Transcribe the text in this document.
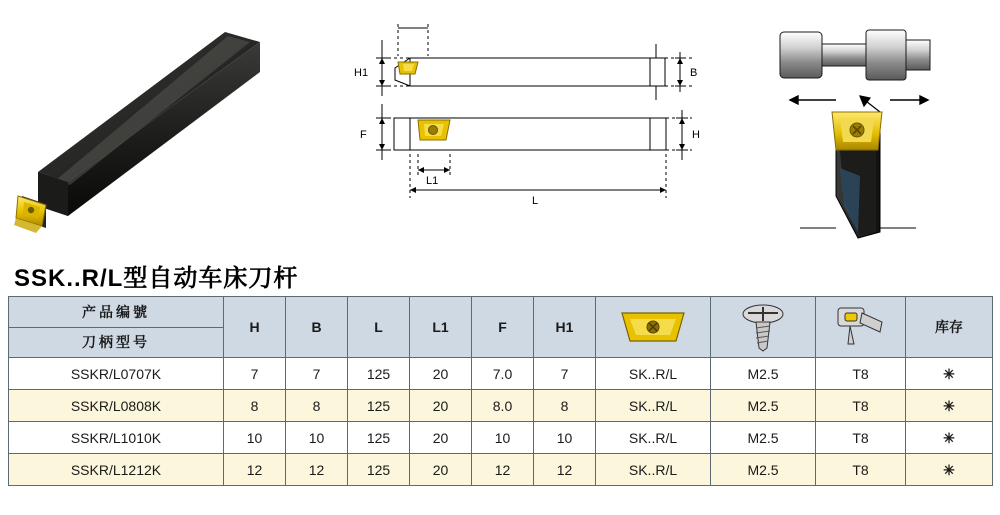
H1	B
F	H
L1
L
SSK..R/L型自动车床刀杆
产品编號	H	B	L	L1	F	H1				库存
刀柄型号										
SSKR/L0707K	7	7	125	20	7.0	7	SK..R/L	M2.5	T8	✳
SSKR/L0808K	8	8	125	20	8.0	8	SK..R/L	M2.5	T8	✳
SSKR/L1010K	10	10	125	20	10	10	SK..R/L	M2.5	T8	✳
SSKR/L1212K	12	12	125	20	12	12	SK..R/L	M2.5	T8	✳
